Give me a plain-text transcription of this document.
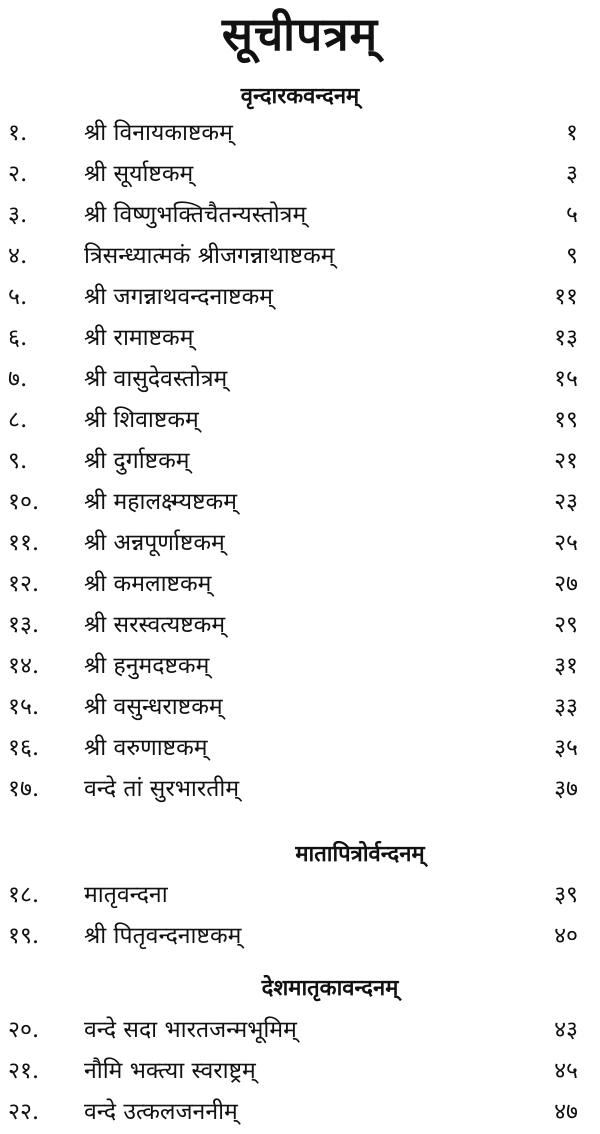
सूचीपत्रम्
वृन्दारकवन्दनम्
१. श्री विनायकाष्टकम्	१
२. श्री सूर्याष्टकम्	३
३. श्री विष्णुभक्तिचैतन्यस्तोत्रम्	५
४. त्रिसन्ध्यात्मकं श्रीजगन्नाथाष्टकम्	९
५. श्री जगन्नाथवन्दनाष्टकम्	११
६. श्री रामाष्टकम्	१३
७. श्री वासुदेवस्तोत्रम्	१५
८. श्री शिवाष्टकम्	१९
९. श्री दुर्गाष्टकम्	२१
१०. श्री महालक्ष्म्यष्टकम्	२३
११. श्री अन्नपूर्णाष्टकम्	२५
१२. श्री कमलाष्टकम्	२७
१३. श्री सरस्वत्यष्टकम्	२९
१४. श्री हनुमदष्टकम्	३१
१५. श्री वसुन्धराष्टकम्	३३
१६. श्री वरुणाष्टकम्	३५
१७. वन्दे तां सुरभारतीम्	३७
मातापित्रोर्वन्दनम्
१८. मातृवन्दना	३९
१९. श्री पितृवन्दनाष्टकम्	४०
देशमातृकावन्दनम्
२०. वन्दे सदा भारतजन्मभूमिम्	४३
२१. नौमि भक्त्या स्वराष्ट्रम्	४५
२२. वन्दे उत्कलजननीम्	४७
